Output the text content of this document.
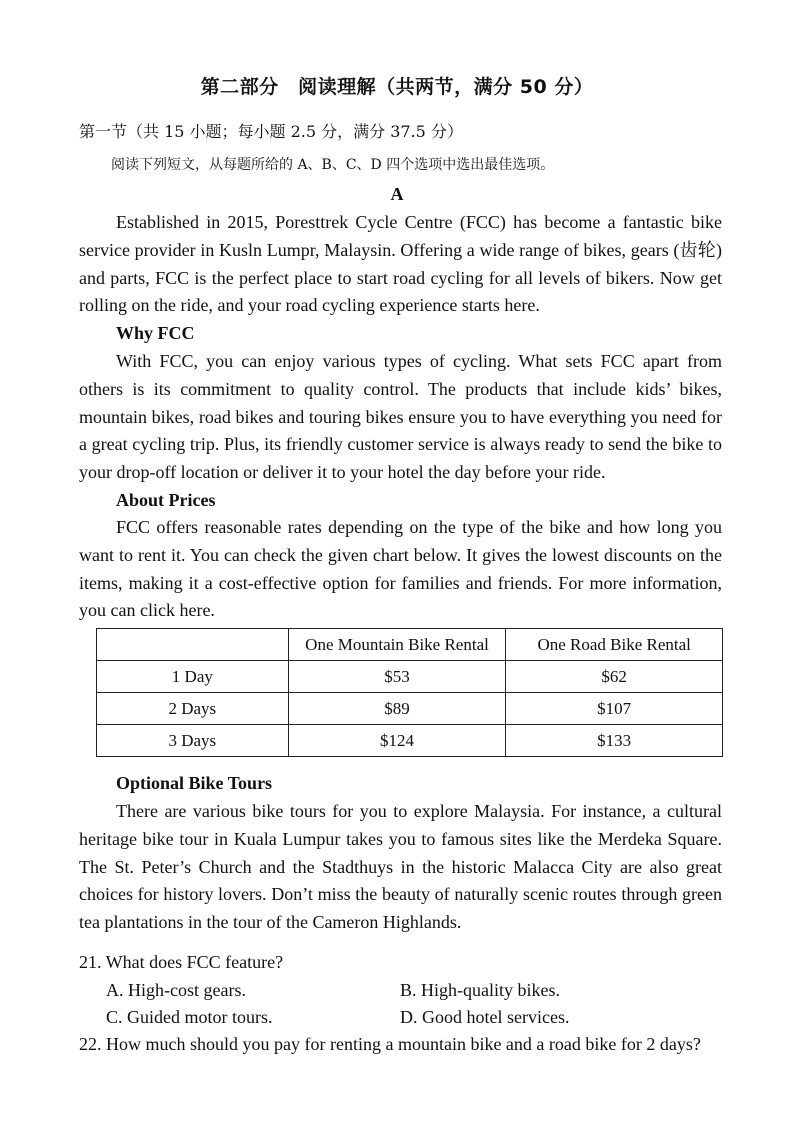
第二部分　阅读理解（共两节，满分 50 分）
第一节（共 15 小题；每小题 2.5 分，满分 37.5 分）
阅读下列短文，从每题所给的 A、B、C、D 四个选项中选出最佳选项。
A
Established in 2015, Poresttrek Cycle Centre (FCC) has become a fantastic bike service provider in Kusln Lumpr, Malaysin. Offering a wide range of bikes, gears (齿轮) and parts, FCC is the perfect place to start road cycling for all levels of bikers. Now get rolling on the ride, and your road cycling experience starts here.
Why FCC
With FCC, you can enjoy various types of cycling. What sets FCC apart from others is its commitment to quality control. The products that include kids’ bikes, mountain bikes, road bikes and touring bikes ensure you to have everything you need for a great cycling trip. Plus, its friendly customer service is always ready to send the bike to your drop-off location or deliver it to your hotel the day before your ride.
About Prices
FCC offers reasonable rates depending on the type of the bike and how long you want to rent it. You can check the given chart below. It gives the lowest discounts on the items, making it a cost-effective option for families and friends. For more information, you can click here.
	One Mountain Bike Rental	One Road Bike Rental
1 Day	$53	$62
2 Days	$89	$107
3 Days	$124	$133
Optional Bike Tours
There are various bike tours for you to explore Malaysia. For instance, a cultural heritage bike tour in Kuala Lumpur takes you to famous sites like the Merdeka Square. The St. Peter’s Church and the Stadthuys in the historic Malacca City are also great choices for history lovers. Don’t miss the beauty of naturally scenic routes through green tea plantations in the tour of the Cameron Highlands.
21. What does FCC feature?
A. High-cost gears.	B. High-quality bikes.
C. Guided motor tours.	D. Good hotel services.
22. How much should you pay for renting a mountain bike and a road bike for 2 days?
